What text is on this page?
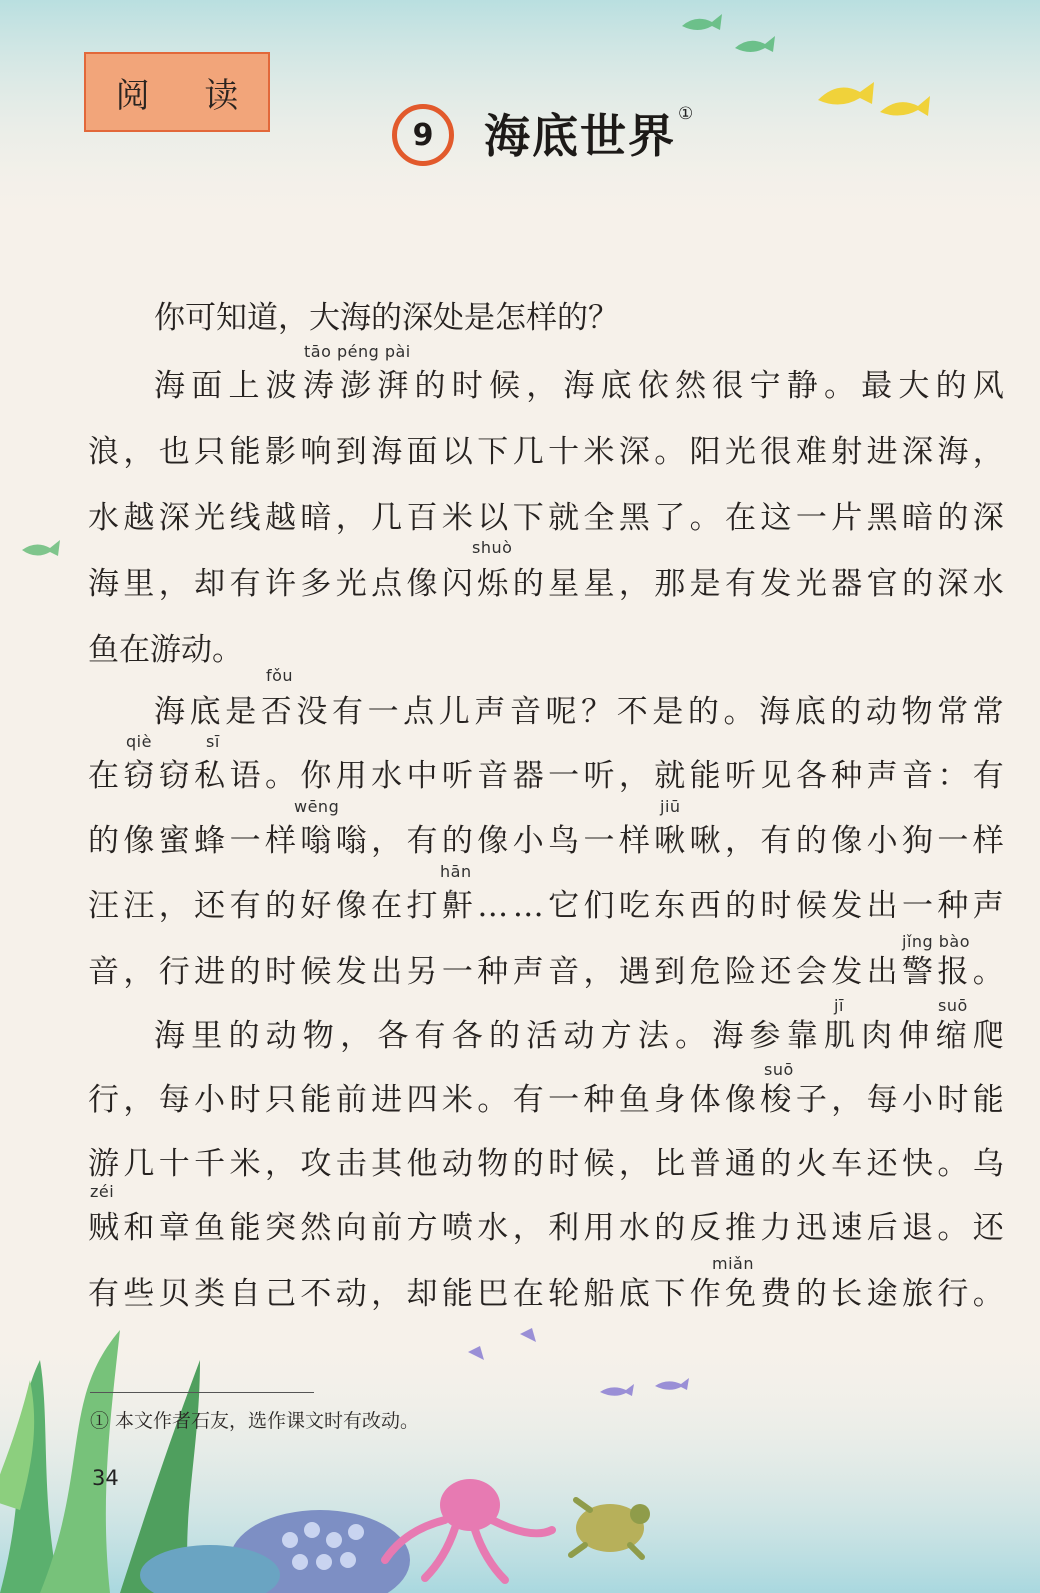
阅 读
9	海底世界 ①
tāo péng pài
shuò
fǒu
qiè	sī
wēng	jiū
hān
jǐng bào
jī	suō
suō
zéi
miǎn
你可知道，大海的深处是怎样的？
海 面 上 波 涛 澎 湃 的 时 候 ， 海 底 依 然 很 宁 静 。 最 大 的 风
浪 ， 也 只 能 影 响 到 海 面 以 下 几 十 米 深 。 阳 光 很 难 射 进 深 海 ，
水 越 深 光 线 越 暗 ， 几 百 米 以 下 就 全 黑 了 。 在 这 一 片 黑 暗 的 深
海 里 ， 却 有 许 多 光 点 像 闪 烁 的 星 星 ， 那 是 有 发 光 器 官 的 深 水
鱼在游动。
海 底 是 否 没 有 一 点 儿 声 音 呢 ？ 不 是 的 。 海 底 的 动 物 常 常
在 窃 窃 私 语 。 你 用 水 中 听 音 器 一 听 ， 就 能 听 见 各 种 声 音 ： 有
的 像 蜜 蜂 一 样 嗡 嗡 ， 有 的 像 小 鸟 一 样 啾 啾 ， 有 的 像 小 狗 一 样
汪 汪 ， 还 有 的 好 像 在 打 鼾 … … 它 们 吃 东 西 的 时 候 发 出 一 种 声
音 ， 行 进 的 时 候 发 出 另 一 种 声 音 ， 遇 到 危 险 还 会 发 出 警 报 。
海 里 的 动 物 ， 各 有 各 的 活 动 方 法 。 海 参 靠 肌 肉 伸 缩 爬
行 ， 每 小 时 只 能 前 进 四 米 。 有 一 种 鱼 身 体 像 梭 子 ， 每 小 时 能
游 几 十 千 米 ， 攻 击 其 他 动 物 的 时 候 ， 比 普 通 的 火 车 还 快 。 乌
贼 和 章 鱼 能 突 然 向 前 方 喷 水 ， 利 用 水 的 反 推 力 迅 速 后 退 。 还
有 些 贝 类 自 己 不 动 ， 却 能 巴 在 轮 船 底 下 作 免 费 的 长 途 旅 行 。
① 本文作者石友，选作课文时有改动。
34
